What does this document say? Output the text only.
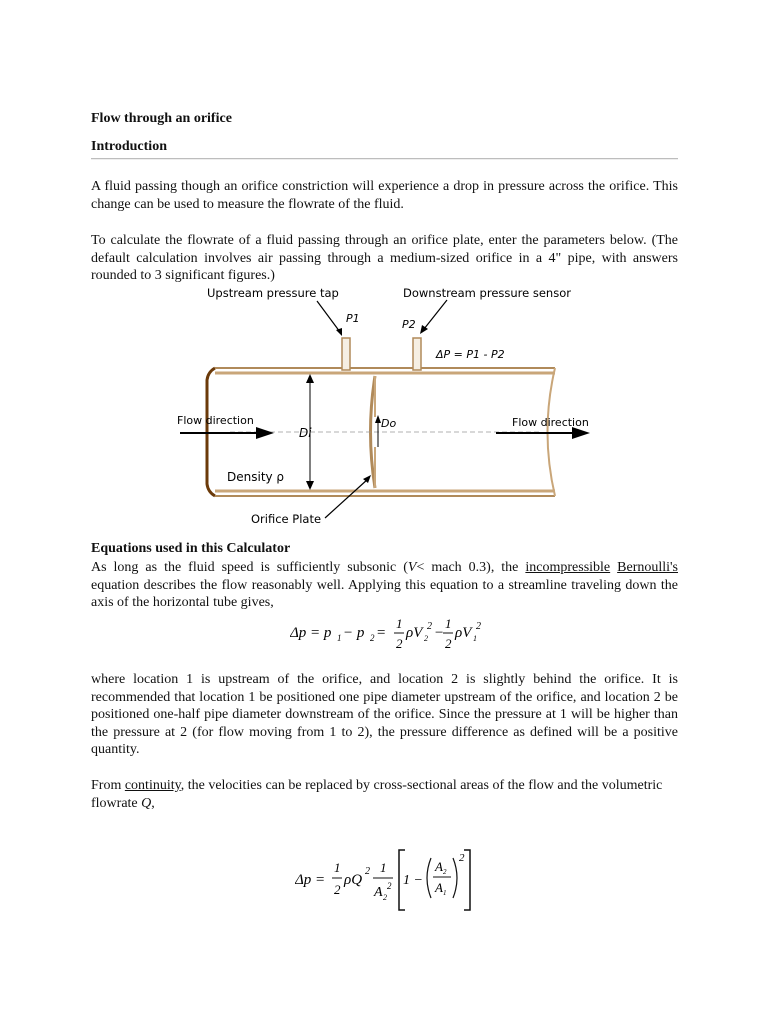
Flow through an orifice
Introduction

A fluid passing though an orifice constriction will experience a drop in pressure across the orifice. This change can be used to measure the flowrate of the fluid.

To calculate the flowrate of a fluid passing through an orifice plate, enter the parameters below. (The default calculation involves air passing through a medium-sized orifice in a 4" pipe, with answers rounded to 3 significant figures.)

Equations used in this Calculator

As long as the fluid speed is sufficiently subsonic (V< mach 0.3), the incompressible Bernoulli's equation describes the flow reasonably well. Applying this equation to a streamline traveling down the axis of the horizontal tube gives,

where location 1 is upstream of the orifice, and location 2 is slightly behind the orifice. It is recommended that location 1 be positioned one pipe diameter upstream of the orifice, and location 2 be positioned one-half pipe diameter downstream of the orifice. Since the pressure at 1 will be higher than the pressure at 2 (for flow moving from 1 to 2), the pressure difference as defined will be a positive quantity.

From continuity, the velocities can be replaced by cross-sectional areas of the flow and the volumetric flowrate Q,

Upstream pressure tap	Downstream pressure sensor
P1	P2
ΔP = P1 - P2
Flow direction	Flow direction
Di
Do
Density ρ
Orifice Plate
Δp = p 1 − p 2 =
1
2
ρV 2
2 −
1
2
ρV 1
2
Δp =
1
2
ρQ
2 1
A 2
2 1 −
A 2
A 1
2
